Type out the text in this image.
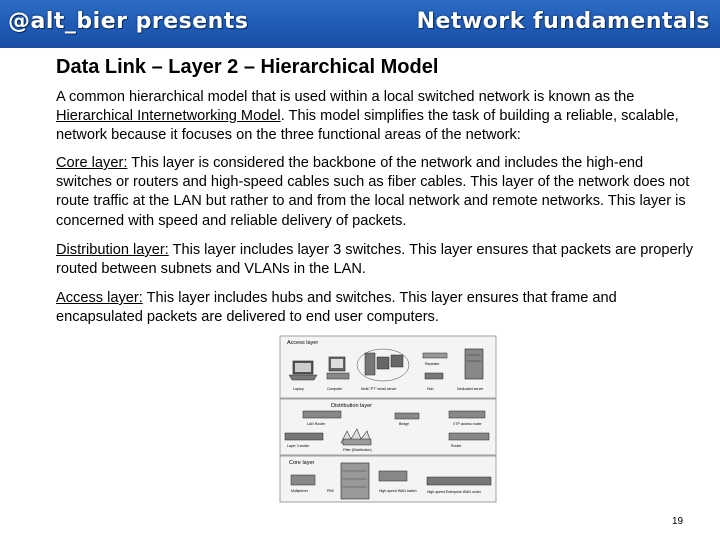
@alt_bier presents	Network fundamentals
Data Link – Layer 2 – Hierarchical Model
A common hierarchical model that is used within a local switched network is known as the Hierarchical Internetworking Model. This model simplifies the task of building a reliable, scalable, network because it focuses on the three functional areas of the network:
Core layer: This layer is considered the backbone of the network and includes the high-end switches or routers and high-speed cables such as fiber cables. This layer of the network does not route traffic at the LAN but rather to and from the local network and remote networks. This layer is concerned with speed and reliable delivery of packets.
Distribution layer: This layer includes layer 3 switches. This layer ensures that packets are properly routed between subnets and VLANs in the LAN.
Access layer: This layer includes hubs and switches. This layer ensures that frame and encapsulated packets are delivered to end user computers.
Access layer
Laptop	Computer	Multi-"PT" email server
Repeater
Hub	Dedicated server
Distribution layer
LAN Router	Bridge	VTP access router
Layer 3 switch
Filter (Distribution)
Router
Core layer
Multiplexer	PBX	High-speed WAN switch	High-speed Enterprise WAN router
19
